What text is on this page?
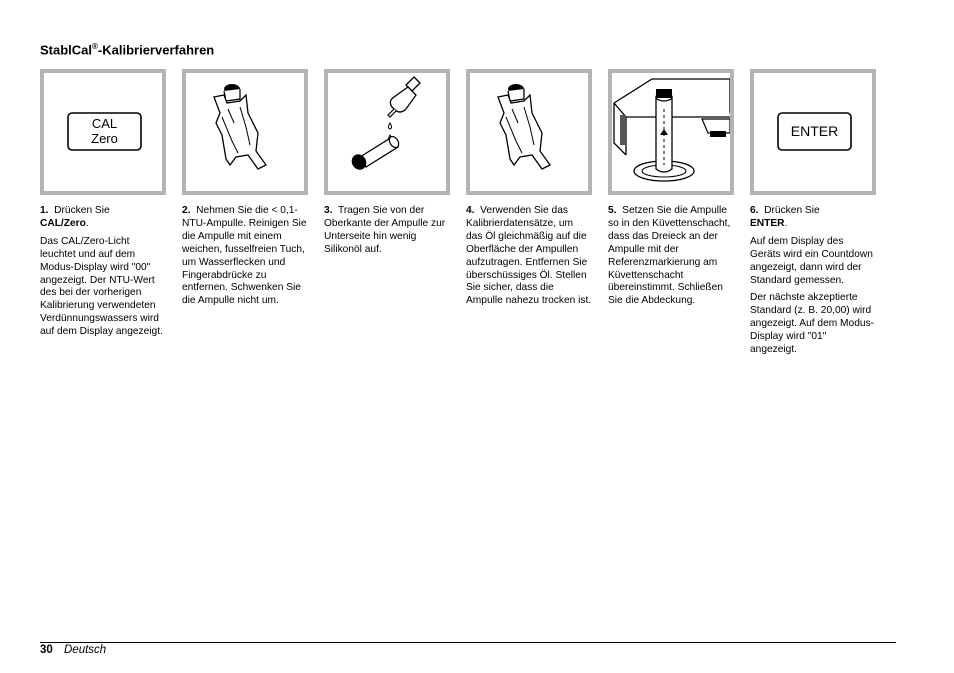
StablCal®-Kalibrierverfahren
CAL
Zero

1. Drücken Sie
CAL/Zero.

Das CAL/Zero-Licht leuchtet und auf dem Modus-Display wird "00" angezeigt. Der NTU-Wert des bei der vorherigen Kalibrierung verwendeten Verdünnungswassers wird auf dem Display angezeigt.

2. Nehmen Sie die < 0,1-NTU-Ampulle. Reinigen Sie die Ampulle mit einem weichen, fusselfreien Tuch, um Wasserflecken und Fingerabdrücke zu entfernen. Schwenken Sie die Ampulle nicht um.

3. Tragen Sie von der Oberkante der Ampulle zur Unterseite hin wenig Silikonöl auf.

4. Verwenden Sie das Kalibrierdatensätze, um das Öl gleichmäßig auf die Oberfläche der Ampullen aufzutragen. Entfernen Sie überschüssiges Öl. Stellen Sie sicher, dass die Ampulle nahezu trocken ist.

5. Setzen Sie die Ampulle so in den Küvettenschacht, dass das Dreieck an der Ampulle mit der Referenzmarkierung am Küvettenschacht übereinstimmt. Schließen Sie die Abdeckung.

ENTER

6. Drücken Sie
ENTER.

Auf dem Display des Geräts wird ein Countdown angezeigt, dann wird der Standard gemessen.

Der nächste akzeptierte Standard (z. B. 20,00) wird angezeigt. Auf dem Modus-Display wird "01" angezeigt.

30 Deutsch
